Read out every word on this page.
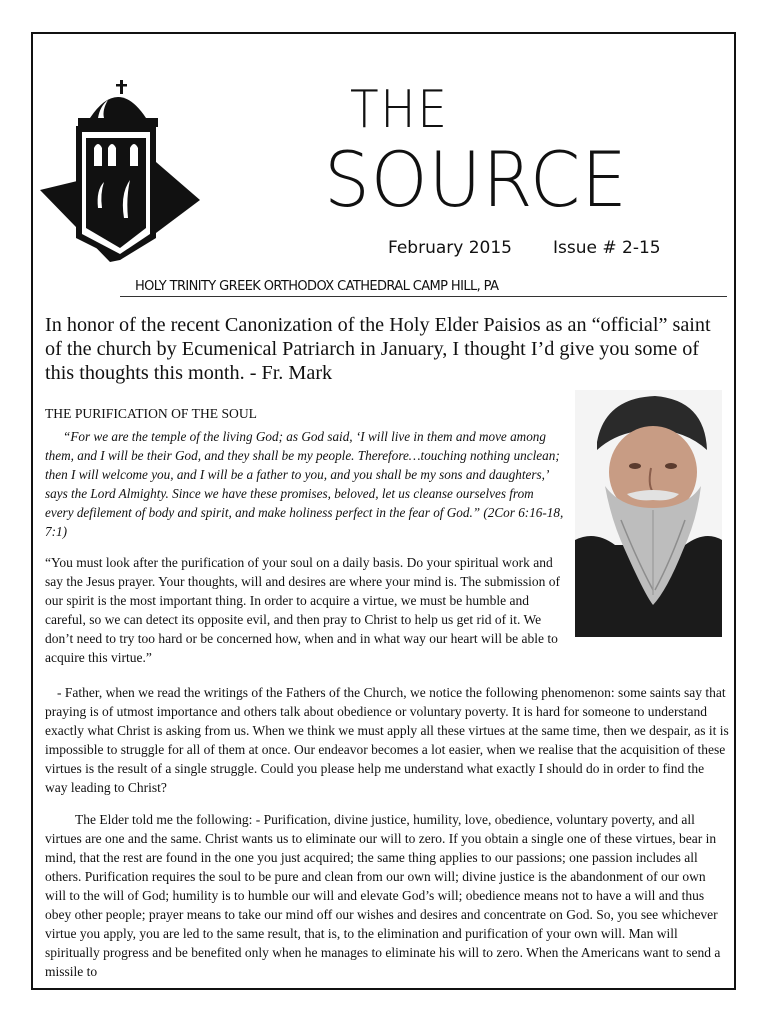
THE
SOURCE
February 2015 Issue # 2-15
HOLY TRINITY GREEK ORTHODOX CATHEDRAL CAMP HILL, PA
In honor of the recent Canonization of the Holy Elder Paisios as an “official” saint of the church by Ecumenical Patriarch in January, I thought I’d give you some of this thoughts this month. - Fr. Mark
THE PURIFICATION OF THE SOUL

“For we are the temple of the living God; as God said, ‘I will live in them and move among them, and I will be their God, and they shall be my people. Therefore…touching nothing unclean; then I will welcome you, and I will be a father to you, and you shall be my sons and daughters,’ says the Lord Almighty. Since we have these promises, beloved, let us cleanse ourselves from every defilement of body and spirit, and make holiness perfect in the fear of God.” (2Cor 6:16-18, 7:1)

“You must look after the purification of your soul on a daily basis. Do your spiritual work and say the Jesus prayer. Your thoughts, will and desires are where your mind is. The submission of our spirit is the most important thing. In order to acquire a virtue, we must be humble and careful, so we can detect its opposite evil, and then pray to Christ to help us get rid of it. We don’t need to try too hard or be concerned how, when and in what way our heart will be able to acquire this virtue.”
- Father, when we read the writings of the Fathers of the Church, we notice the following phenomenon: some saints say that praying is of utmost importance and others talk about obedience or voluntary poverty. It is hard for someone to understand exactly what Christ is asking from us. When we think we must apply all these virtues at the same time, then we despair, as it is impossible to struggle for all of them at once. Our endeavor becomes a lot easier, when we realise that the acquisition of these virtues is the result of a single struggle. Could you please help me understand what exactly I should do in order to find the way leading to Christ?
The Elder told me the following: - Purification, divine justice, humility, love, obedience, voluntary poverty, and all virtues are one and the same. Christ wants us to eliminate our will to zero. If you obtain a single one of these virtues, bear in mind, that the rest are found in the one you just acquired; the same thing applies to our passions; one passion includes all others. Purification requires the soul to be pure and clean from our own will; divine justice is the abandonment of our own will to the will of God; humility is to humble our will and elevate God’s will; obedience means not to have a will and thus obey other people; prayer means to take our mind off our wishes and desires and concentrate on God. So, you see whichever virtue you apply, you are led to the same result, that is, to the elimination and purification of your own will. Man will spiritually progress and be benefited only when he manages to eliminate his will to zero. When the Americans want to send a missile to
